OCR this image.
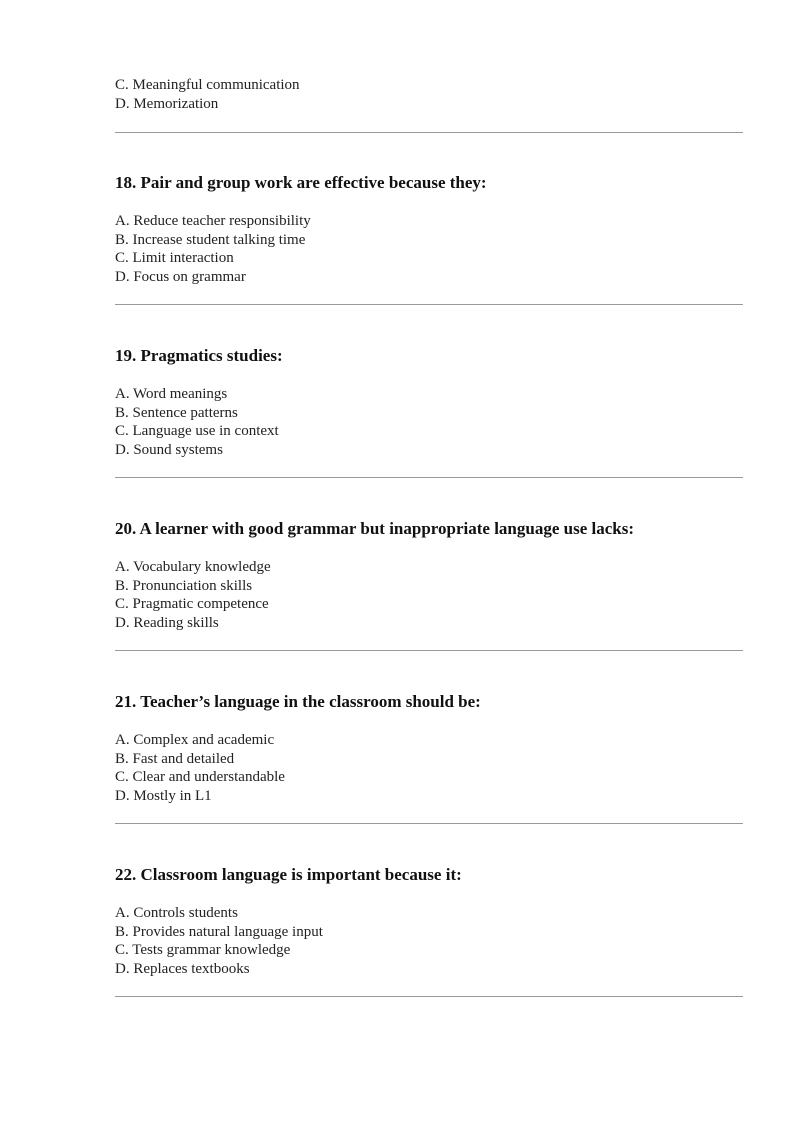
C. Meaningful communication
D. Memorization

18. Pair and group work are effective because they:

A. Reduce teacher responsibility
B. Increase student talking time
C. Limit interaction
D. Focus on grammar

19. Pragmatics studies:

A. Word meanings
B. Sentence patterns
C. Language use in context
D. Sound systems

20. A learner with good grammar but inappropriate language use lacks:

A. Vocabulary knowledge
B. Pronunciation skills
C. Pragmatic competence
D. Reading skills

21. Teacher’s language in the classroom should be:

A. Complex and academic
B. Fast and detailed
C. Clear and understandable
D. Mostly in L1

22. Classroom language is important because it:

A. Controls students
B. Provides natural language input
C. Tests grammar knowledge
D. Replaces textbooks
